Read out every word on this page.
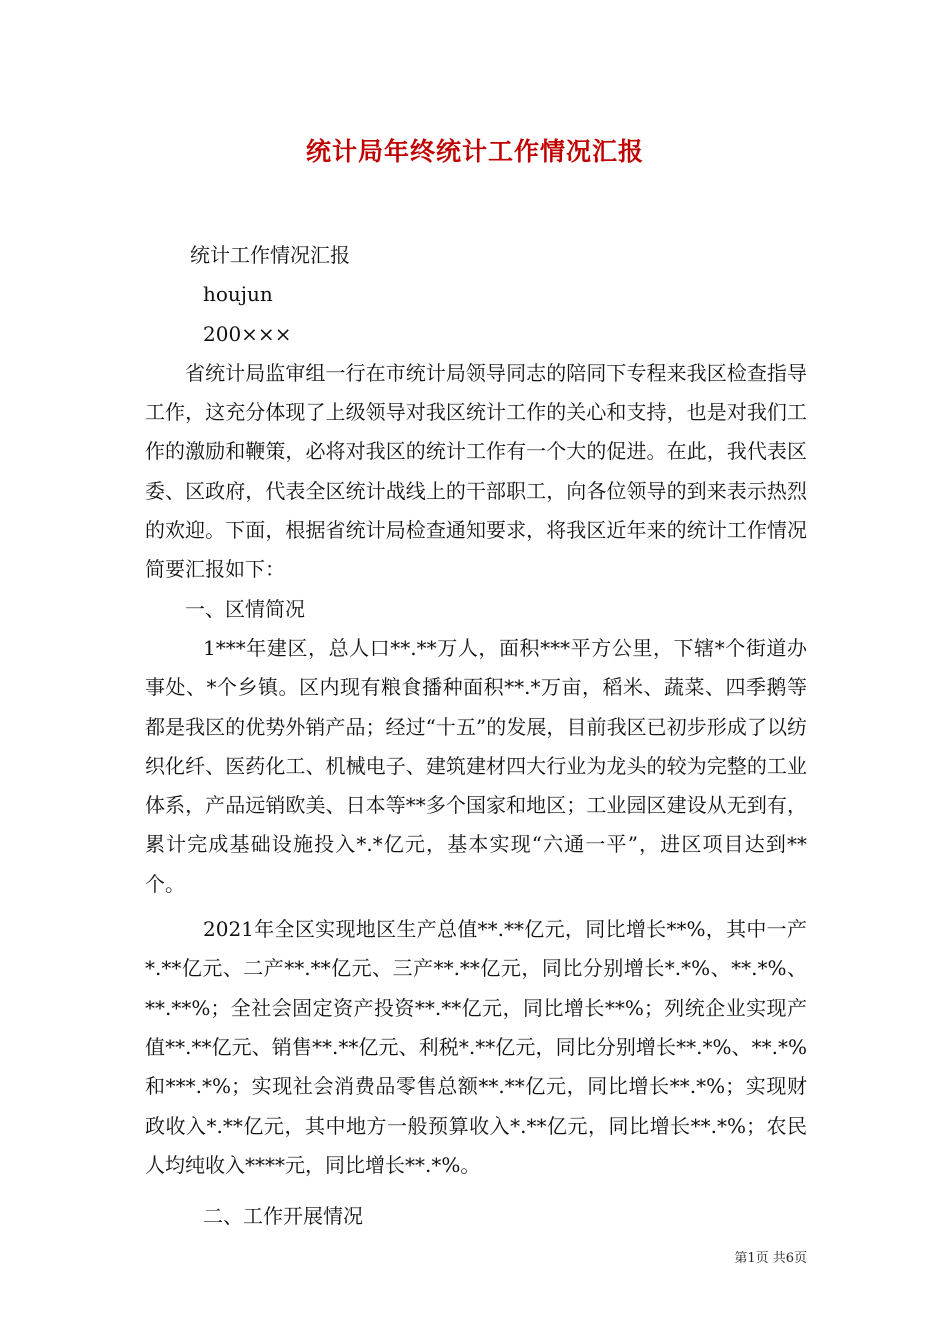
统计局年终统计工作情况汇报

统计工作情况汇报

houjun

200×××

省统计局监审组一行在市统计局领导同志的陪同下专程来我区检查指导工作，这充分体现了上级领导对我区统计工作的关心和支持，也是对我们工作的激励和鞭策，必将对我区的统计工作有一个大的促进。在此，我代表区委、区政府，代表全区统计战线上的干部职工，向各位领导的到来表示热烈的欢迎。下面，根据省统计局检查通知要求，将我区近年来的统计工作情况简要汇报如下：

一、区情简况

1***年建区，总人口**.**万人，面积***平方公里，下辖*个街道办事处、*个乡镇。区内现有粮食播种面积**.*万亩，稻米、蔬菜、四季鹅等都是我区的优势外销产品；经过“十五”的发展，目前我区已初步形成了以纺织化纤、医药化工、机械电子、建筑建材四大行业为龙头的较为完整的工业体系，产品远销欧美、日本等**多个国家和地区；工业园区建设从无到有，累计完成基础设施投入*.*亿元，基本实现“六通一平”，进区项目达到**个。

2021年全区实现地区生产总值**.**亿元，同比增长**%，其中一产*.**亿元、二产**.**亿元、三产**.**亿元，同比分别增长*.*%、**.*%、**.**%；全社会固定资产投资**.**亿元，同比增长**%；列统企业实现产值**.**亿元、销售**.**亿元、利税*.**亿元，同比分别增长**.*%、**.*%和***.*%；实现社会消费品零售总额**.**亿元，同比增长**.*%；实现财政收入*.**亿元，其中地方一般预算收入*.**亿元，同比增长**.*%；农民人均纯收入****元，同比增长**.*%。

二、工作开展情况

第1页 共6页
